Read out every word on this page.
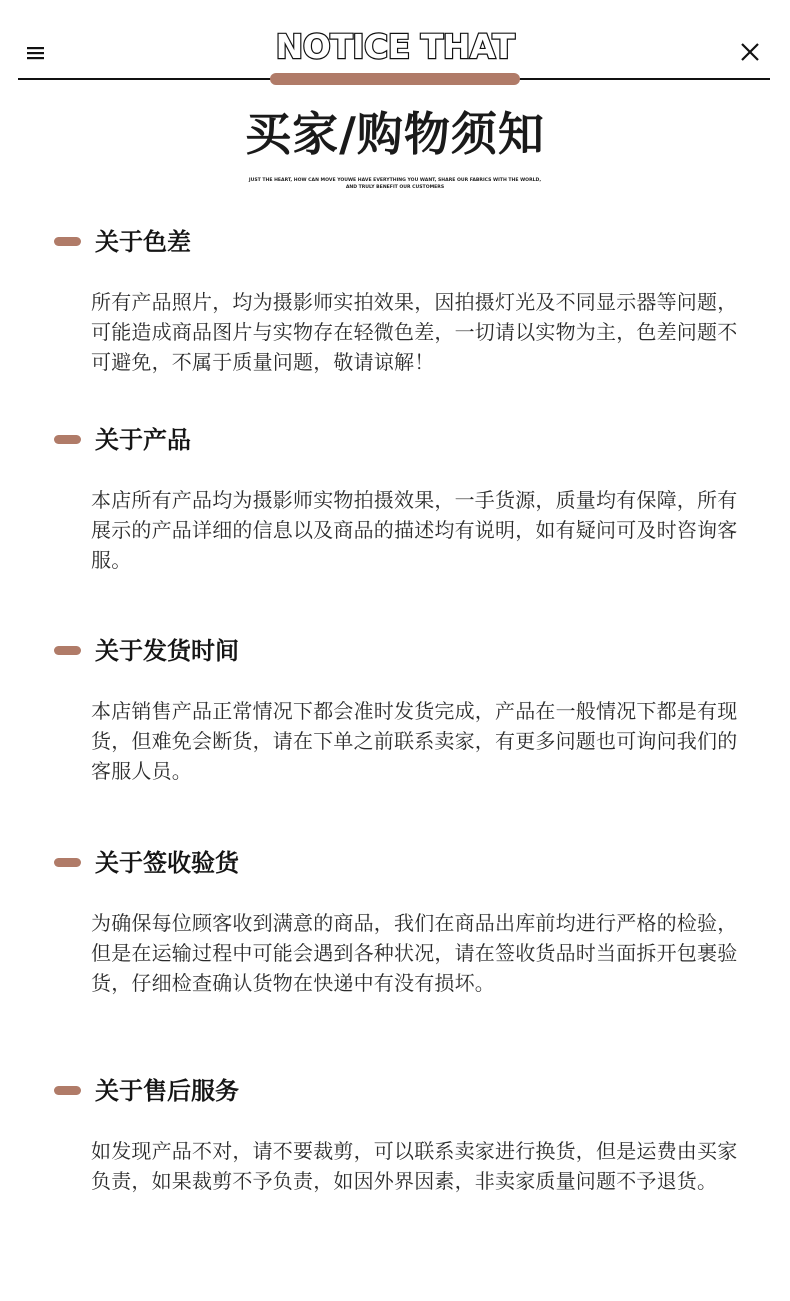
NOTICE THAT
买家/购物须知
JUST THE HEART, HOW CAN MOVE YOUWE HAVE EVERYTHING YOU WANT, SHARE OUR FABRICS WITH THE WORLD, AND TRULY BENEFIT OUR CUSTOMERS
关于色差
所有产品照片，均为摄影师实拍效果，因拍摄灯光及不同显示器等问题，可能造成商品图片与实物存在轻微色差，一切请以实物为主，色差问题不可避免，不属于质量问题，敬请谅解！
关于产品
本店所有产品均为摄影师实物拍摄效果，一手货源，质量均有保障，所有展示的产品详细的信息以及商品的描述均有说明，如有疑问可及时咨询客服。
关于发货时间
本店销售产品正常情况下都会准时发货完成，产品在一般情况下都是有现货，但难免会断货，请在下单之前联系卖家，有更多问题也可询问我们的客服人员。
关于签收验货
为确保每位顾客收到满意的商品，我们在商品出库前均进行严格的检验，但是在运输过程中可能会遇到各种状况，请在签收货品时当面拆开包裹验货，仔细检查确认货物在快递中有没有损坏。
关于售后服务
如发现产品不对，请不要裁剪，可以联系卖家进行换货，但是运费由买家负责，如果裁剪不予负责，如因外界因素，非卖家质量问题不予退货。
